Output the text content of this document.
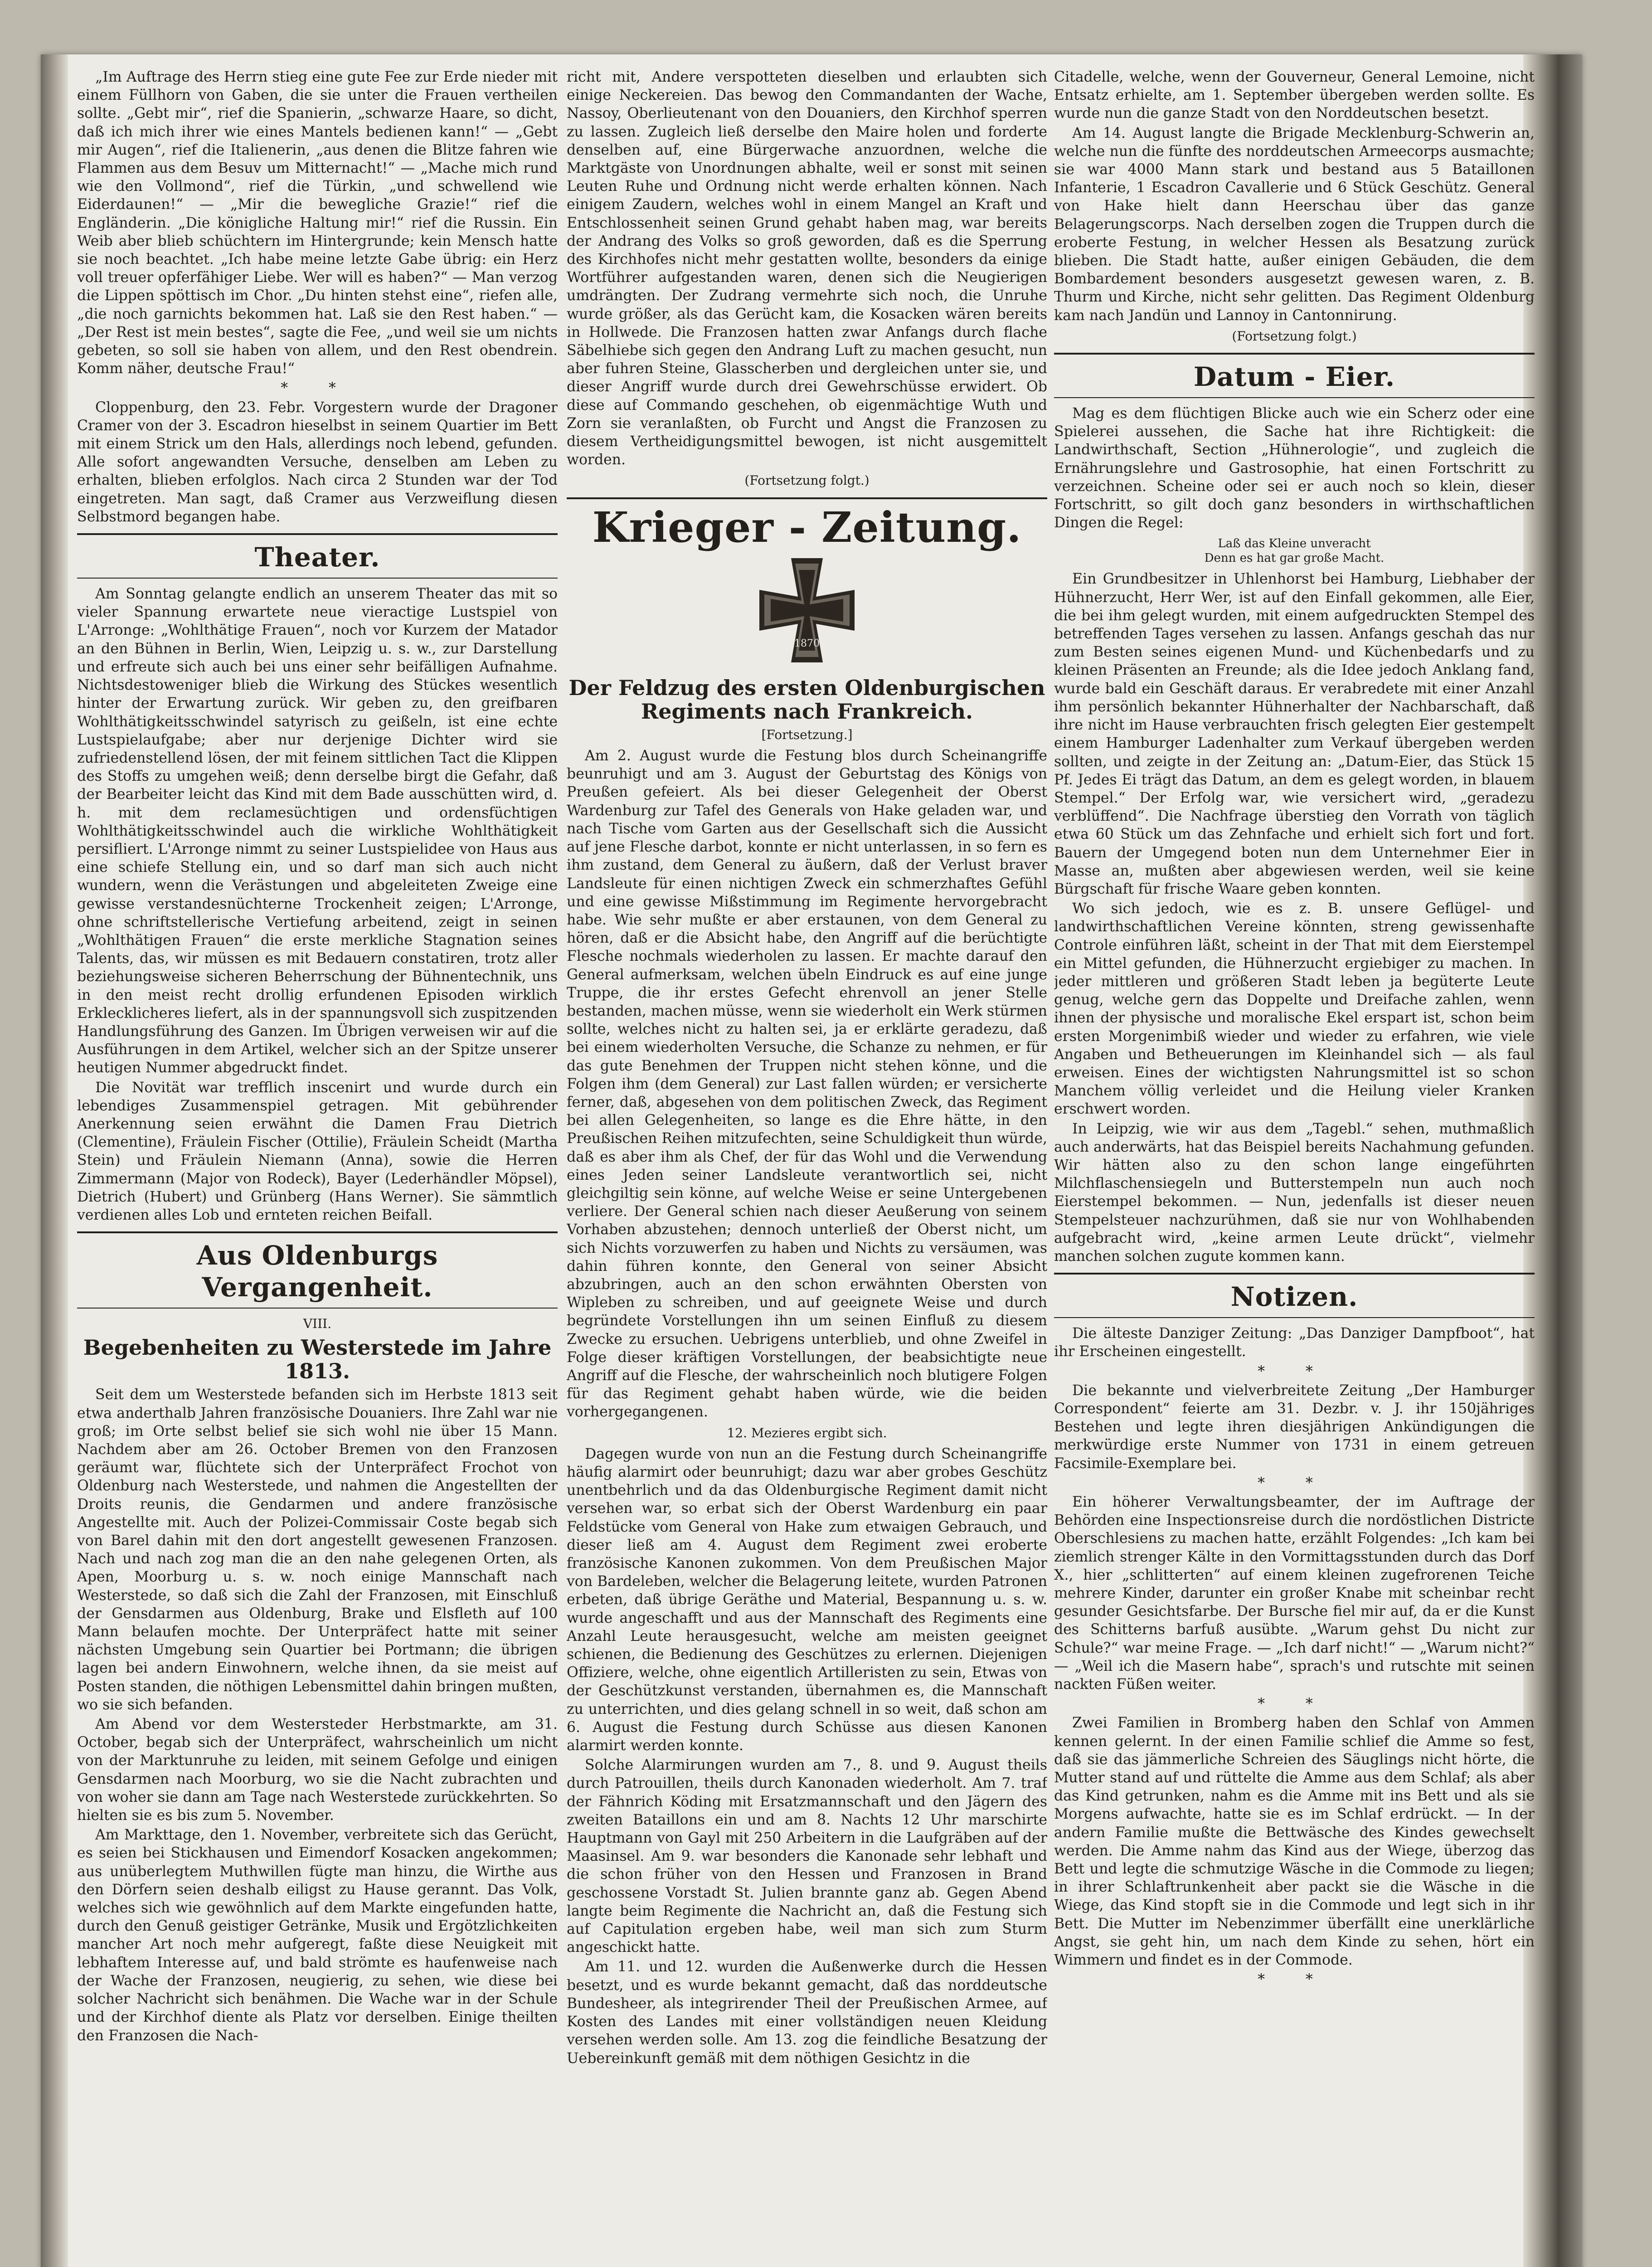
„Im Auftrage des Herrn stieg eine gute Fee zur Erde nieder mit einem Füllhorn von Gaben, die sie unter die Frauen vertheilen sollte. „Gebt mir“, rief die Spanierin, „schwarze Haare, so dicht, daß ich mich ihrer wie eines Mantels bedienen kann!“ — „Gebt mir Augen“, rief die Italienerin, „aus denen die Blitze fahren wie Flammen aus dem Besuv um Mitternacht!“ — „Mache mich rund wie den Vollmond“, rief die Türkin, „und schwellend wie Eiderdaunen!“ — „Mir die bewegliche Grazie!“ rief die Engländerin. „Die königliche Haltung mir!“ rief die Russin. Ein Weib aber blieb schüchtern im Hintergrunde; kein Mensch hatte sie noch beachtet. „Ich habe meine letzte Gabe übrig: ein Herz voll treuer opferfähiger Liebe. Wer will es haben?“ — Man verzog die Lippen spöttisch im Chor. „Du hinten stehst eine“, riefen alle, „die noch garnichts bekommen hat. Laß sie den Rest haben.“ — „Der Rest ist mein bestes“, sagte die Fee, „und weil sie um nichts gebeten, so soll sie haben von allem, und den Rest obendrein. Komm näher, deutsche Frau!“

* *

Cloppenburg, den 23. Febr. Vorgestern wurde der Dragoner Cramer von der 3. Escadron hieselbst in seinem Quartier im Bett mit einem Strick um den Hals, allerdings noch lebend, gefunden. Alle sofort angewandten Versuche, denselben am Leben zu erhalten, blieben erfolglos. Nach circa 2 Stunden war der Tod eingetreten. Man sagt, daß Cramer aus Verzweiflung diesen Selbstmord begangen habe.

Theater.

Am Sonntag gelangte endlich an unserem Theater das mit so vieler Spannung erwartete neue vieractige Lustspiel von L'Arronge: „Wohlthätige Frauen“, noch vor Kurzem der Matador an den Bühnen in Berlin, Wien, Leipzig u. s. w., zur Darstellung und erfreute sich auch bei uns einer sehr beifälligen Aufnahme. Nichtsdestoweniger blieb die Wirkung des Stückes wesentlich hinter der Erwartung zurück. Wir geben zu, den greifbaren Wohlthätigkeitsschwindel satyrisch zu geißeln, ist eine echte Lustspielaufgabe; aber nur derjenige Dichter wird sie zufriedenstellend lösen, der mit feinem sittlichen Tact die Klippen des Stoffs zu umgehen weiß; denn derselbe birgt die Gefahr, daß der Bearbeiter leicht das Kind mit dem Bade ausschütten wird, d. h. mit dem reclamesüchtigen und ordensfüchtigen Wohlthätigkeitsschwindel auch die wirkliche Wohlthätigkeit persifliert. L'Arronge nimmt zu seiner Lustspielidee von Haus aus eine schiefe Stellung ein, und so darf man sich auch nicht wundern, wenn die Verästungen und abgeleiteten Zweige eine gewisse verstandesnüchterne Trockenheit zeigen; L'Arronge, ohne schriftstellerische Vertiefung arbeitend, zeigt in seinen „Wohlthätigen Frauen“ die erste merkliche Stagnation seines Talents, das, wir müssen es mit Bedauern constatiren, trotz aller beziehungsweise sicheren Beherrschung der Bühnentechnik, uns in den meist recht drollig erfundenen Episoden wirklich Erklecklicheres liefert, als in der spannungsvoll sich zuspitzenden Handlungsführung des Ganzen. Im Übrigen verweisen wir auf die Ausführungen in dem Artikel, welcher sich an der Spitze unserer heutigen Nummer abgedruckt findet.

Die Novität war trefflich inscenirt und wurde durch ein lebendiges Zusammenspiel getragen. Mit gebührender Anerkennung seien erwähnt die Damen Frau Dietrich (Clementine), Fräulein Fischer (Ottilie), Fräulein Scheidt (Martha Stein) und Fräulein Niemann (Anna), sowie die Herren Zimmermann (Major von Rodeck), Bayer (Lederhändler Möpsel), Dietrich (Hubert) und Grünberg (Hans Werner). Sie sämmtlich verdienen alles Lob und ernteten reichen Beifall.

Aus Oldenburgs Vergangenheit.
VIII.
Begebenheiten zu Westerstede im Jahre 1813.

Seit dem um Westerstede befanden sich im Herbste 1813 seit etwa anderthalb Jahren französische Douaniers. Ihre Zahl war nie groß; im Orte selbst belief sie sich wohl nie über 15 Mann. Nachdem aber am 26. October Bremen von den Franzosen geräumt war, flüchtete sich der Unterpräfect Frochot von Oldenburg nach Westerstede, und nahmen die Angestellten der Droits reunis, die Gendarmen und andere französische Angestellte mit. Auch der Polizei-Commissair Coste begab sich von Barel dahin mit den dort angestellt gewesenen Franzosen. Nach und nach zog man die an den nahe gelegenen Orten, als Apen, Moorburg u. s. w. noch einige Mannschaft nach Westerstede, so daß sich die Zahl der Franzosen, mit Einschluß der Gensdarmen aus Oldenburg, Brake und Elsfleth auf 100 Mann belaufen mochte. Der Unterpräfect hatte mit seiner nächsten Umgebung sein Quartier bei Portmann; die übrigen lagen bei andern Einwohnern, welche ihnen, da sie meist auf Posten standen, die nöthigen Lebensmittel dahin bringen mußten, wo sie sich befanden.

Am Abend vor dem Westersteder Herbstmarkte, am 31. October, begab sich der Unterpräfect, wahrscheinlich um nicht von der Marktunruhe zu leiden, mit seinem Gefolge und einigen Gensdarmen nach Moorburg, wo sie die Nacht zubrachten und von woher sie dann am Tage nach Westerstede zurückkehrten. So hielten sie es bis zum 5. November.

Am Markttage, den 1. November, verbreitete sich das Gerücht, es seien bei Stickhausen und Eimendorf Kosacken angekommen; aus unüberlegtem Muthwillen fügte man hinzu, die Wirthe aus den Dörfern seien deshalb eiligst zu Hause gerannt. Das Volk, welches sich wie gewöhnlich auf dem Markte eingefunden hatte, durch den Genuß geistiger Getränke, Musik und Ergötzlichkeiten mancher Art noch mehr aufgeregt, faßte diese Neuigkeit mit lebhaftem Interesse auf, und bald strömte es haufenweise nach der Wache der Franzosen, neugierig, zu sehen, wie diese bei solcher Nachricht sich benähmen. Die Wache war in der Schule und der Kirchhof diente als Platz vor derselben. Einige theilten den Franzosen die Nach-

richt mit, Andere verspotteten dieselben und erlaubten sich einige Neckereien. Das bewog den Commandanten der Wache, Nassoy, Oberlieutenant von den Douaniers, den Kirchhof sperren zu lassen. Zugleich ließ derselbe den Maire holen und forderte denselben auf, eine Bürgerwache anzuordnen, welche die Marktgäste von Unordnungen abhalte, weil er sonst mit seinen Leuten Ruhe und Ordnung nicht werde erhalten können. Nach einigem Zaudern, welches wohl in einem Mangel an Kraft und Entschlossenheit seinen Grund gehabt haben mag, war bereits der Andrang des Volks so groß geworden, daß es die Sperrung des Kirchhofes nicht mehr gestatten wollte, besonders da einige Wortführer aufgestanden waren, denen sich die Neugierigen umdrängten. Der Zudrang vermehrte sich noch, die Unruhe wurde größer, als das Gerücht kam, die Kosacken wären bereits in Hollwede. Die Franzosen hatten zwar Anfangs durch flache Säbelhiebe sich gegen den Andrang Luft zu machen gesucht, nun aber fuhren Steine, Glasscherben und dergleichen unter sie, und dieser Angriff wurde durch drei Gewehrschüsse erwidert. Ob diese auf Commando geschehen, ob eigenmächtige Wuth und Zorn sie veranlaßten, ob Furcht und Angst die Franzosen zu diesem Vertheidigungsmittel bewogen, ist nicht ausgemittelt worden.

(Fortsetzung folgt.)
Krieger - Zeitung.
1870
Der Feldzug des ersten Oldenburgischen Regiments nach Frankreich.
[Fortsetzung.]

Am 2. August wurde die Festung blos durch Scheinangriffe beunruhigt und am 3. August der Geburtstag des Königs von Preußen gefeiert. Als bei dieser Gelegenheit der Oberst Wardenburg zur Tafel des Generals von Hake geladen war, und nach Tische vom Garten aus der Gesellschaft sich die Aussicht auf jene Flesche darbot, konnte er nicht unterlassen, in so fern es ihm zustand, dem General zu äußern, daß der Verlust braver Landsleute für einen nichtigen Zweck ein schmerzhaftes Gefühl und eine gewisse Mißstimmung im Regimente hervorgebracht habe. Wie sehr mußte er aber erstaunen, von dem General zu hören, daß er die Absicht habe, den Angriff auf die berüchtigte Flesche nochmals wiederholen zu lassen. Er machte darauf den General aufmerksam, welchen übeln Eindruck es auf eine junge Truppe, die ihr erstes Gefecht ehrenvoll an jener Stelle bestanden, machen müsse, wenn sie wiederholt ein Werk stürmen sollte, welches nicht zu halten sei, ja er erklärte geradezu, daß bei einem wiederholten Versuche, die Schanze zu nehmen, er für das gute Benehmen der Truppen nicht stehen könne, und die Folgen ihm (dem General) zur Last fallen würden; er versicherte ferner, daß, abgesehen von dem politischen Zweck, das Regiment bei allen Gelegenheiten, so lange es die Ehre hätte, in den Preußischen Reihen mitzufechten, seine Schuldigkeit thun würde, daß es aber ihm als Chef, der für das Wohl und die Verwendung eines Jeden seiner Landsleute verantwortlich sei, nicht gleichgiltig sein könne, auf welche Weise er seine Untergebenen verliere. Der General schien nach dieser Aeußerung von seinem Vorhaben abzustehen; dennoch unterließ der Oberst nicht, um sich Nichts vorzuwerfen zu haben und Nichts zu versäumen, was dahin führen konnte, den General von seiner Absicht abzubringen, auch an den schon erwähnten Obersten von Wipleben zu schreiben, und auf geeignete Weise und durch begründete Vorstellungen ihn um seinen Einfluß zu diesem Zwecke zu ersuchen. Uebrigens unterblieb, und ohne Zweifel in Folge dieser kräftigen Vorstellungen, der beabsichtigte neue Angriff auf die Flesche, der wahrscheinlich noch blutigere Folgen für das Regiment gehabt haben würde, wie die beiden vorhergegangenen.

12. Mezieres ergibt sich.

Dagegen wurde von nun an die Festung durch Scheinangriffe häufig alarmirt oder beunruhigt; dazu war aber grobes Geschütz unentbehrlich und da das Oldenburgische Regiment damit nicht versehen war, so erbat sich der Oberst Wardenburg ein paar Feldstücke vom General von Hake zum etwaigen Gebrauch, und dieser ließ am 4. August dem Regiment zwei eroberte französische Kanonen zukommen. Von dem Preußischen Major von Bardeleben, welcher die Belagerung leitete, wurden Patronen erbeten, daß übrige Geräthe und Material, Bespannung u. s. w. wurde angeschafft und aus der Mannschaft des Regiments eine Anzahl Leute herausgesucht, welche am meisten geeignet schienen, die Bedienung des Geschützes zu erlernen. Diejenigen Offiziere, welche, ohne eigentlich Artilleristen zu sein, Etwas von der Geschützkunst verstanden, übernahmen es, die Mannschaft zu unterrichten, und dies gelang schnell in so weit, daß schon am 6. August die Festung durch Schüsse aus diesen Kanonen alarmirt werden konnte.

Solche Alarmirungen wurden am 7., 8. und 9. August theils durch Patrouillen, theils durch Kanonaden wiederholt. Am 7. traf der Fähnrich Köding mit Ersatzmannschaft und den Jägern des zweiten Bataillons ein und am 8. Nachts 12 Uhr marschirte Hauptmann von Gayl mit 250 Arbeitern in die Laufgräben auf der Maasinsel. Am 9. war besonders die Kanonade sehr lebhaft und die schon früher von den Hessen und Franzosen in Brand geschossene Vorstadt St. Julien brannte ganz ab. Gegen Abend langte beim Regimente die Nachricht an, daß die Festung sich auf Capitulation ergeben habe, weil man sich zum Sturm angeschickt hatte.

Am 11. und 12. wurden die Außenwerke durch die Hessen besetzt, und es wurde bekannt gemacht, daß das norddeutsche Bundesheer, als integrirender Theil der Preußischen Armee, auf Kosten des Landes mit einer vollständigen neuen Kleidung versehen werden solle. Am 13. zog die feindliche Besatzung der Uebereinkunft gemäß mit dem nöthigen Gesichtz in die

Citadelle, welche, wenn der Gouverneur, General Lemoine, nicht Entsatz erhielte, am 1. September übergeben werden sollte. Es wurde nun die ganze Stadt von den Norddeutschen besetzt.

Am 14. August langte die Brigade Mecklenburg-Schwerin an, welche nun die fünfte des norddeutschen Armeecorps ausmachte; sie war 4000 Mann stark und bestand aus 5 Bataillonen Infanterie, 1 Escadron Cavallerie und 6 Stück Geschütz. General von Hake hielt dann Heerschau über das ganze Belagerungscorps. Nach derselben zogen die Truppen durch die eroberte Festung, in welcher Hessen als Besatzung zurück blieben. Die Stadt hatte, außer einigen Gebäuden, die dem Bombardement besonders ausgesetzt gewesen waren, z. B. Thurm und Kirche, nicht sehr gelitten. Das Regiment Oldenburg kam nach Jandün und Lannoy in Cantonnirung.

(Fortsetzung folgt.)
Datum - Eier.

Mag es dem flüchtigen Blicke auch wie ein Scherz oder eine Spielerei aussehen, die Sache hat ihre Richtigkeit: die Landwirthschaft, Section „Hühnerologie“, und zugleich die Ernährungslehre und Gastrosophie, hat einen Fortschritt zu verzeichnen. Scheine oder sei er auch noch so klein, dieser Fortschritt, so gilt doch ganz besonders in wirthschaftlichen Dingen die Regel:

Laß das Kleine unveracht
Denn es hat gar große Macht.

Ein Grundbesitzer in Uhlenhorst bei Hamburg, Liebhaber der Hühnerzucht, Herr Wer, ist auf den Einfall gekommen, alle Eier, die bei ihm gelegt wurden, mit einem aufgedruckten Stempel des betreffenden Tages versehen zu lassen. Anfangs geschah das nur zum Besten seines eigenen Mund- und Küchenbedarfs und zu kleinen Präsenten an Freunde; als die Idee jedoch Anklang fand, wurde bald ein Geschäft daraus. Er verabredete mit einer Anzahl ihm persönlich bekannter Hühnerhalter der Nachbarschaft, daß ihre nicht im Hause verbrauchten frisch gelegten Eier gestempelt einem Hamburger Ladenhalter zum Verkauf übergeben werden sollten, und zeigte in der Zeitung an: „Datum-Eier, das Stück 15 Pf. Jedes Ei trägt das Datum, an dem es gelegt worden, in blauem Stempel.“ Der Erfolg war, wie versichert wird, „geradezu verblüffend“. Die Nachfrage überstieg den Vorrath von täglich etwa 60 Stück um das Zehnfache und erhielt sich fort und fort. Bauern der Umgegend boten nun dem Unternehmer Eier in Masse an, mußten aber abgewiesen werden, weil sie keine Bürgschaft für frische Waare geben konnten.

Wo sich jedoch, wie es z. B. unsere Geflügel- und landwirthschaftlichen Vereine könnten, streng gewissenhafte Controle einführen läßt, scheint in der That mit dem Eierstempel ein Mittel gefunden, die Hühnerzucht ergiebiger zu machen. In jeder mittleren und größeren Stadt leben ja begüterte Leute genug, welche gern das Doppelte und Dreifache zahlen, wenn ihnen der physische und moralische Ekel erspart ist, schon beim ersten Morgenimbiß wieder und wieder zu erfahren, wie viele Angaben und Betheuerungen im Kleinhandel sich — als faul erweisen. Eines der wichtigsten Nahrungsmittel ist so schon Manchem völlig verleidet und die Heilung vieler Kranken erschwert worden.

In Leipzig, wie wir aus dem „Tagebl.“ sehen, muthmaßlich auch anderwärts, hat das Beispiel bereits Nachahmung gefunden. Wir hätten also zu den schon lange eingeführten Milchflaschensiegeln und Butterstempeln nun auch noch Eierstempel bekommen. — Nun, jedenfalls ist dieser neuen Stempelsteuer nachzurühmen, daß sie nur von Wohlhabenden aufgebracht wird, „keine armen Leute drückt“, vielmehr manchen solchen zugute kommen kann.

Notizen.

Die älteste Danziger Zeitung: „Das Danziger Dampfboot“, hat ihr Erscheinen eingestellt.

* *

Die bekannte und vielverbreitete Zeitung „Der Hamburger Correspondent“ feierte am 31. Dezbr. v. J. ihr 150jähriges Bestehen und legte ihren diesjährigen Ankündigungen die merkwürdige erste Nummer von 1731 in einem getreuen Facsimile-Exemplare bei.

* *

Ein höherer Verwaltungsbeamter, der im Auftrage der Behörden eine Inspectionsreise durch die nordöstlichen Districte Oberschlesiens zu machen hatte, erzählt Folgendes: „Ich kam bei ziemlich strenger Kälte in den Vormittagsstunden durch das Dorf X., hier „schlitterten“ auf einem kleinen zugefrorenen Teiche mehrere Kinder, darunter ein großer Knabe mit scheinbar recht gesunder Gesichtsfarbe. Der Bursche fiel mir auf, da er die Kunst des Schitterns barfuß ausübte. „Warum gehst Du nicht zur Schule?“ war meine Frage. — „Ich darf nicht!“ — „Warum nicht?“ — „Weil ich die Masern habe“, sprach's und rutschte mit seinen nackten Füßen weiter.

* *

Zwei Familien in Bromberg haben den Schlaf von Ammen kennen gelernt. In der einen Familie schlief die Amme so fest, daß sie das jämmerliche Schreien des Säuglings nicht hörte, die Mutter stand auf und rüttelte die Amme aus dem Schlaf; als aber das Kind getrunken, nahm es die Amme mit ins Bett und als sie Morgens aufwachte, hatte sie es im Schlaf erdrückt. — In der andern Familie mußte die Bettwäsche des Kindes gewechselt werden. Die Amme nahm das Kind aus der Wiege, überzog das Bett und legte die schmutzige Wäsche in die Commode zu liegen; in ihrer Schlaftrunkenheit aber packt sie die Wäsche in die Wiege, das Kind stopft sie in die Commode und legt sich in ihr Bett. Die Mutter im Nebenzimmer überfällt eine unerklärliche Angst, sie geht hin, um nach dem Kinde zu sehen, hört ein Wimmern und findet es in der Commode.

* *
